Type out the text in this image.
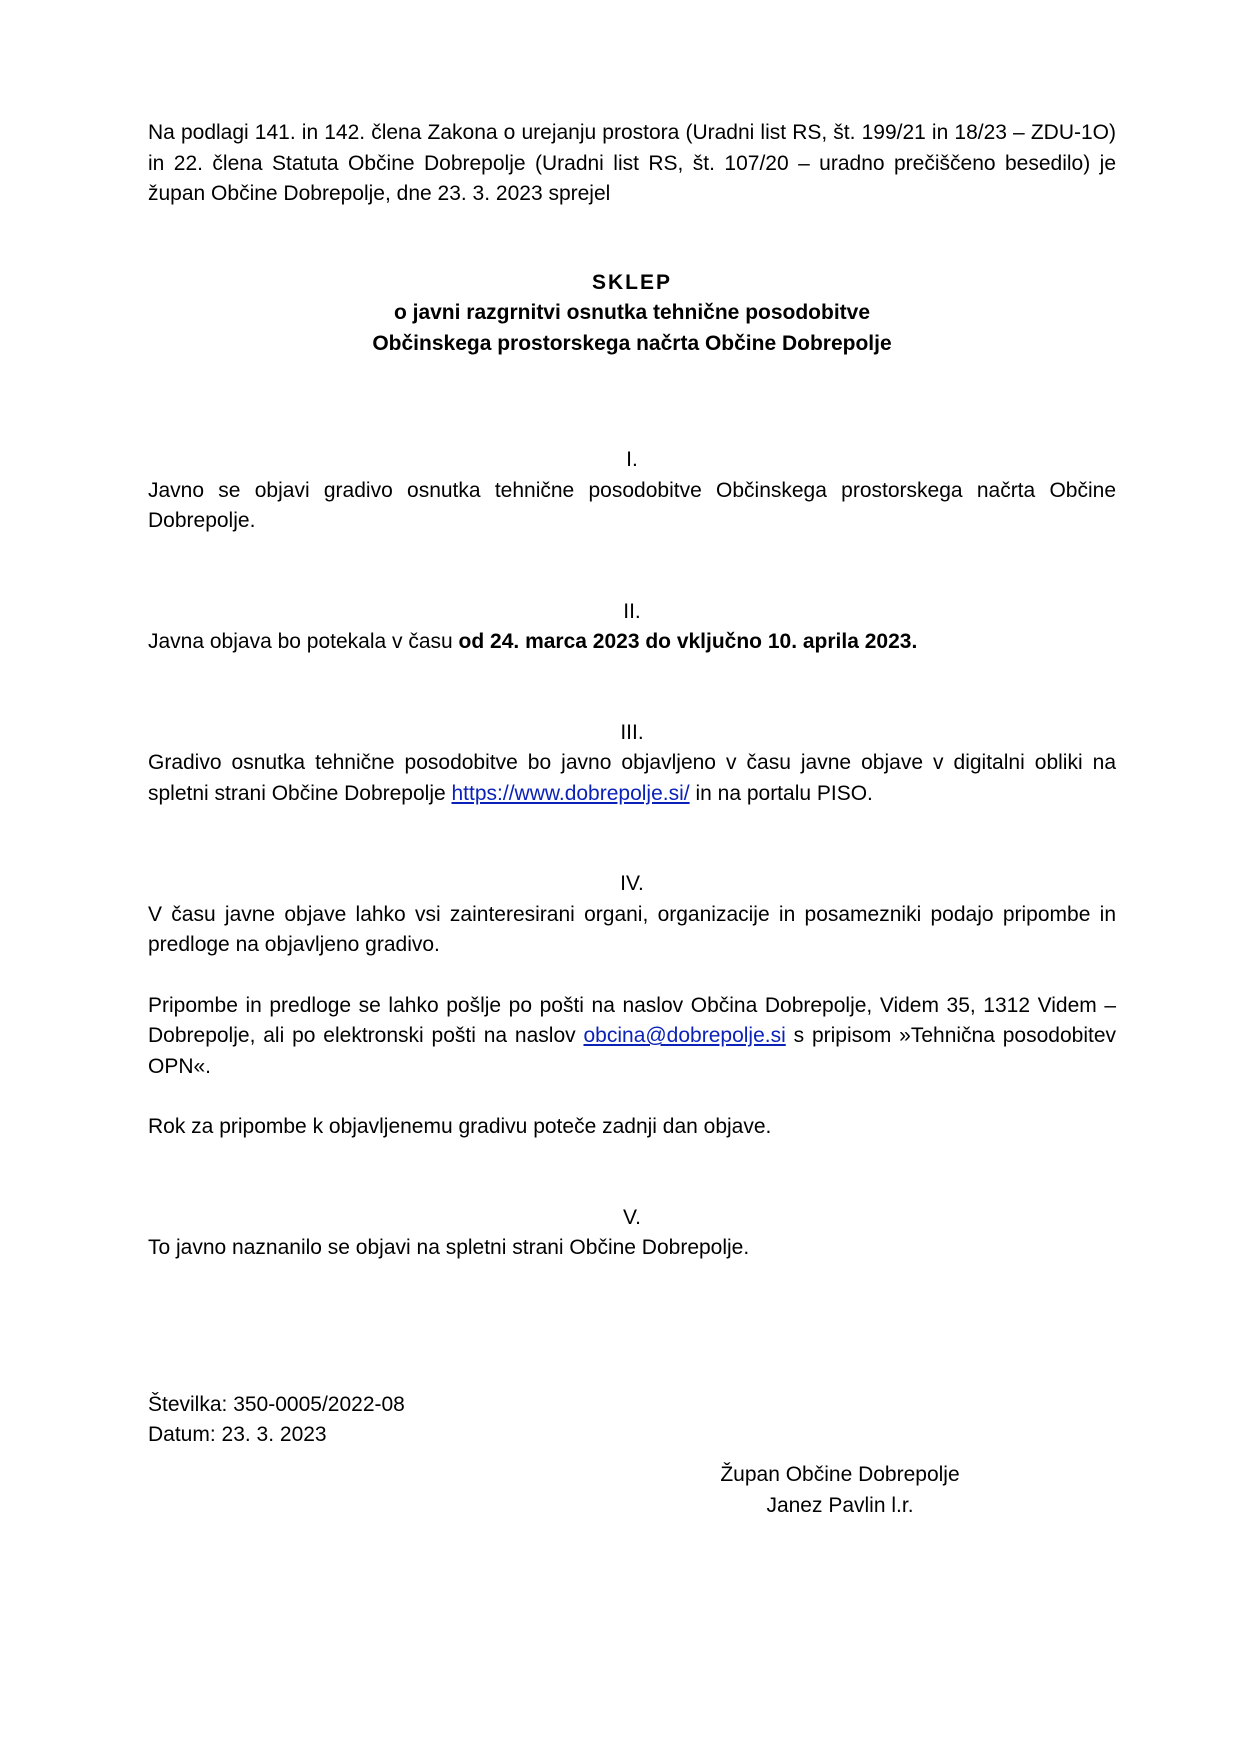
Na podlagi 141. in 142. člena Zakona o urejanju prostora (Uradni list RS, št. 199/21 in 18/23 – ZDU-1O) in 22. člena Statuta Občine Dobrepolje (Uradni list RS, št. 107/20 – uradno prečiščeno besedilo) je župan Občine Dobrepolje, dne 23. 3. 2023 sprejel

SKLEP
o javni razgrnitvi osnutka tehnične posodobitve
Občinskega prostorskega načrta Občine Dobrepolje

I.

Javno se objavi gradivo osnutka tehnične posodobitve Občinskega prostorskega načrta Občine Dobrepolje.

II.

Javna objava bo potekala v času od 24. marca 2023 do vključno 10. aprila 2023.

III.

Gradivo osnutka tehnične posodobitve bo javno objavljeno v času javne objave v digitalni obliki na spletni strani Občine Dobrepolje https://www.dobrepolje.si/ in na portalu PISO.

IV.

V času javne objave lahko vsi zainteresirani organi, organizacije in posamezniki podajo pripombe in predloge na objavljeno gradivo.

Pripombe in predloge se lahko pošlje po pošti na naslov Občina Dobrepolje, Videm 35, 1312 Videm – Dobrepolje, ali po elektronski pošti na naslov obcina@dobrepolje.si s pripisom »Tehnična posodobitev OPN«.

Rok za pripombe k objavljenemu gradivu poteče zadnji dan objave.

V.

To javno naznanilo se objavi na spletni strani Občine Dobrepolje.

Številka: 350-0005/2022-08
Datum: 23. 3. 2023
Župan Občine Dobrepolje
Janez Pavlin l.r.
